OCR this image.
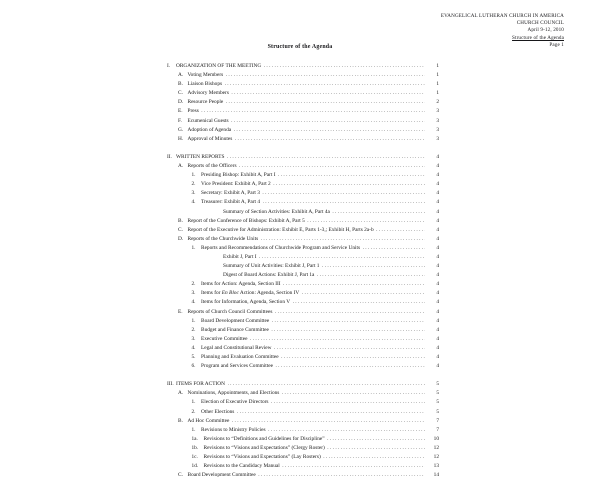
EVANGELICAL LUTHERAN CHURCH IN AMERICA
CHURCH COUNCIL
April 9-12, 2010
Structure of the Agenda
Page 1
Structure of the Agenda
I.	ORGANIZATION OF THE MEETING .....	1
A. Voting Members .....	1
B. Liaison Bishops .....	1
C. Advisory Members .....	1
D. Resource People .....	2
E. Press .....	3
F.	Ecumenical Guests .....	3
G. Adoption of Agenda .....	3
H. Approval of Minutes .....	3
II. WRITTEN REPORTS .....	4
A. Reports of the Officers .....	4
1.	Presiding Bishop: Exhibit A, Part I .....	4
2.	Vice President: Exhibit A, Part 2 .....	4
3.	Secretary: Exhibit A, Part 3 .....	4
4.	Treasurer: Exhibit A, Part 4 .....	4
Summary of Section Activities: Exhibit A, Part 4a .....	4
B. Report of the Conference of Bishops: Exhibit A, Part 5 .....	4
C. Report of the Executive for Administration: Exhibit E, Parts 1-3,; Exhibit H, Parts 2a-b .....	4
D. Reports of the Churchwide Units .....	4
1.	Reports and Recommendations of Churchwide Program and Service Units .....	4
Exhibit J, Part I .....	4
Summary of Unit Activities: Exhibit J, Part 1 .....	4
Digest of Board Actions: Exhibit J, Part 1a .....	4
2.	Items for Action: Agenda, Section III .....	4
3.	Items for En Bloc Action: Agenda, Section IV .....	4
4.	Items for Information, Agenda, Section V .....	4
E. Reports of Church Council Committees .....	4
1.	Board Development Committee .....	4
2.	Budget and Finance Committee .....	4
3.	Executive Committee .....	4
4.	Legal and Constitutional Review .....	4
5.	Planning and Evaluation Committee .....	4
6.	Program and Services Committee .....	4
III. ITEMS FOR ACTION .....	5
A. Nominations, Appointments, and Elections .....	5
1.	Election of Executive Directors .....	5
2.	Other Elections .....	5
B. Ad Hoc Committee .....	7
1.	Revisions to Ministry Policies .....	7
1a.	Revisions to “Definitions and Guidelines for Discipline” .....	10
1b. Revisions to “Visions and Expectations” (Clergy Roster) .....	12
1c.	Revisions to “Visions and Expectations” (Lay Rosters) .....	12
1d. Revisions to the Candidacy Manual .....	13
C. Board Development Committee .....	14
